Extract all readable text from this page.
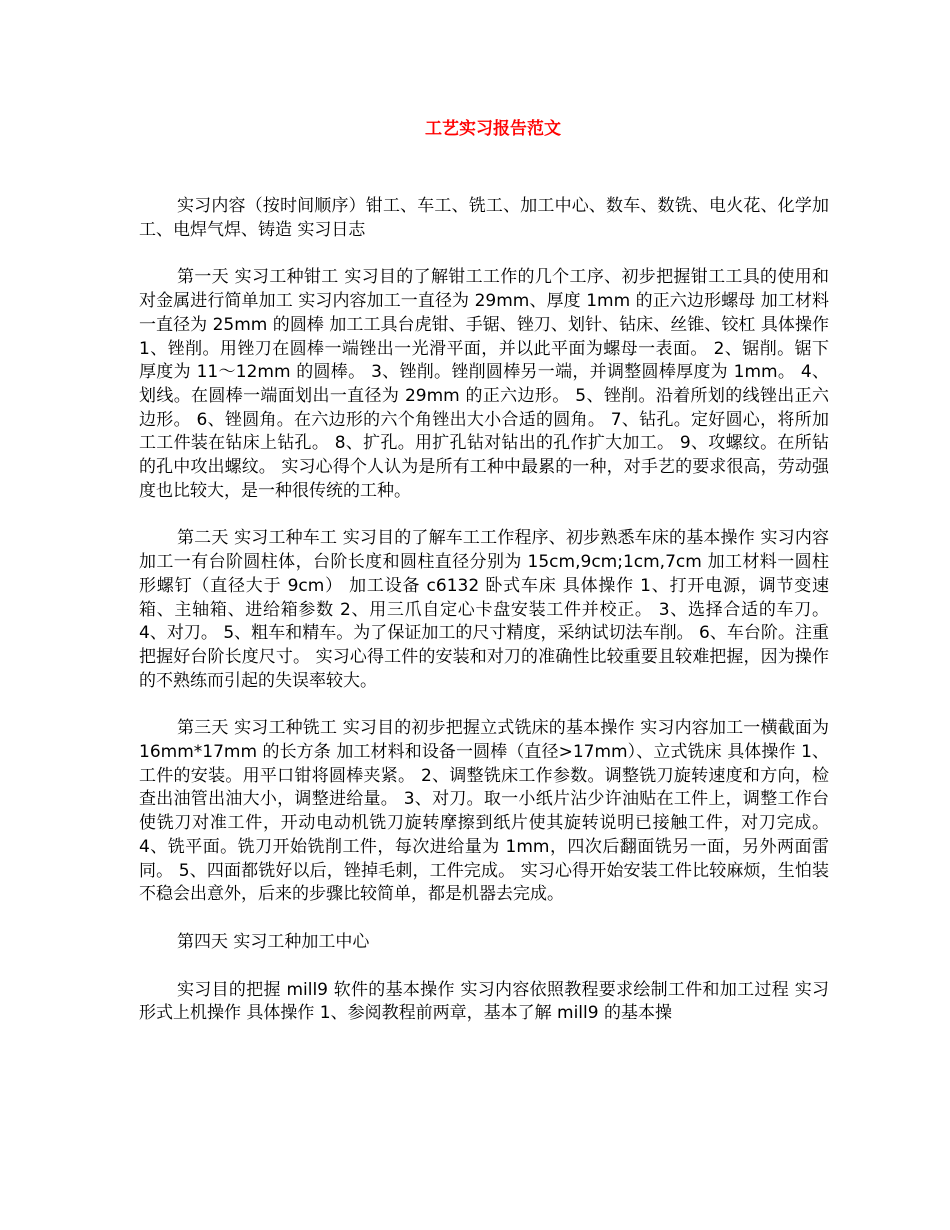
工艺实习报告范文

实习内容（按时间顺序）钳工、车工、铣工、加工中心、数车、数铣、电火花、化学加工、电焊气焊、铸造 实习日志

第一天 实习工种钳工 实习目的了解钳工工作的几个工序、初步把握钳工工具的使用和对金属进行简单加工 实习内容加工一直径为 29mm、厚度 1mm 的正六边形螺母 加工材料一直径为 25mm 的圆棒 加工工具台虎钳、手锯、锉刀、划针、钻床、丝锥、铰杠 具体操作 1、锉削。用锉刀在圆棒一端锉出一光滑平面，并以此平面为螺母一表面。 2、锯削。锯下厚度为 11～12mm 的圆棒。 3、锉削。锉削圆棒另一端，并调整圆棒厚度为 1mm。 4、划线。在圆棒一端面划出一直径为 29mm 的正六边形。 5、锉削。沿着所划的线锉出正六边形。 6、锉圆角。在六边形的六个角锉出大小合适的圆角。 7、钻孔。定好圆心，将所加工工件装在钻床上钻孔。 8、扩孔。用扩孔钻对钻出的孔作扩大加工。 9、攻螺纹。在所钻的孔中攻出螺纹。 实习心得个人认为是所有工种中最累的一种，对手艺的要求很高，劳动强度也比较大，是一种很传统的工种。

第二天 实习工种车工 实习目的了解车工工作程序、初步熟悉车床的基本操作 实习内容加工一有台阶圆柱体，台阶长度和圆柱直径分别为 15cm,9cm;1cm,7cm 加工材料一圆柱形螺钉（直径大于 9cm） 加工设备 c6132 卧式车床 具体操作 1、打开电源，调节变速箱、主轴箱、进给箱参数 2、用三爪自定心卡盘安装工件并校正。 3、选择合适的车刀。 4、对刀。 5、粗车和精车。为了保证加工的尺寸精度，采纳试切法车削。 6、车台阶。注重把握好台阶长度尺寸。 实习心得工件的安装和对刀的准确性比较重要且较难把握，因为操作的不熟练而引起的失误率较大。

第三天 实习工种铣工 实习目的初步把握立式铣床的基本操作 实习内容加工一横截面为 16mm*17mm 的长方条 加工材料和设备一圆棒（直径>17mm）、立式铣床 具体操作 1、工件的安装。用平口钳将圆棒夹紧。 2、调整铣床工作参数。调整铣刀旋转速度和方向，检查出油管出油大小，调整进给量。 3、对刀。取一小纸片沾少许油贴在工件上，调整工作台使铣刀对准工件，开动电动机铣刀旋转摩擦到纸片使其旋转说明已接触工件，对刀完成。 4、铣平面。铣刀开始铣削工件，每次进给量为 1mm，四次后翻面铣另一面，另外两面雷同。 5、四面都铣好以后，锉掉毛刺，工件完成。 实习心得开始安装工件比较麻烦，生怕装不稳会出意外，后来的步骤比较简单，都是机器去完成。

第四天 实习工种加工中心

实习目的把握 mill9 软件的基本操作 实习内容依照教程要求绘制工件和加工过程 实习形式上机操作 具体操作 1、参阅教程前两章，基本了解 mill9 的基本操
